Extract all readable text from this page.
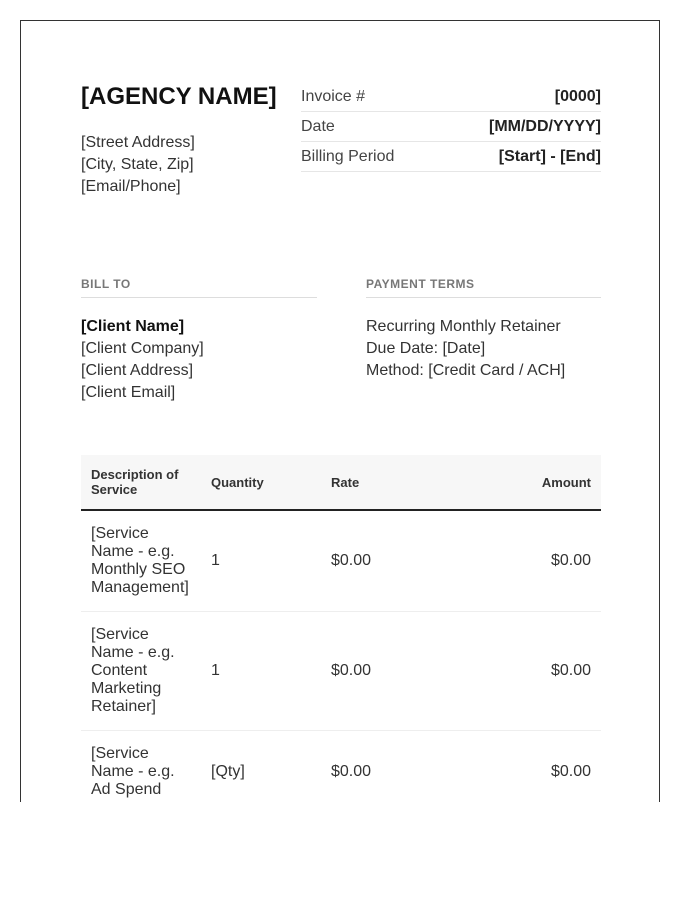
[AGENCY NAME]
[Street Address]
[City, State, Zip]
[Email/Phone]
Invoice #	[0000]
Date	[MM/DD/YYYY]
Billing Period	[Start] - [End]
BILL TO
[Client Name]
[Client Company]
[Client Address]
[Client Email]
PAYMENT TERMS
Recurring Monthly Retainer
Due Date: [Date]
Method: [Credit Card / ACH]
Description of Service	Quantity	Rate	Amount
[Service Name - e.g. Monthly SEO Management]	1	$0.00	$0.00
[Service Name - e.g. Content Marketing Retainer]	1	$0.00	$0.00
[Service Name - e.g. Ad Spend	[Qty]	$0.00	$0.00
